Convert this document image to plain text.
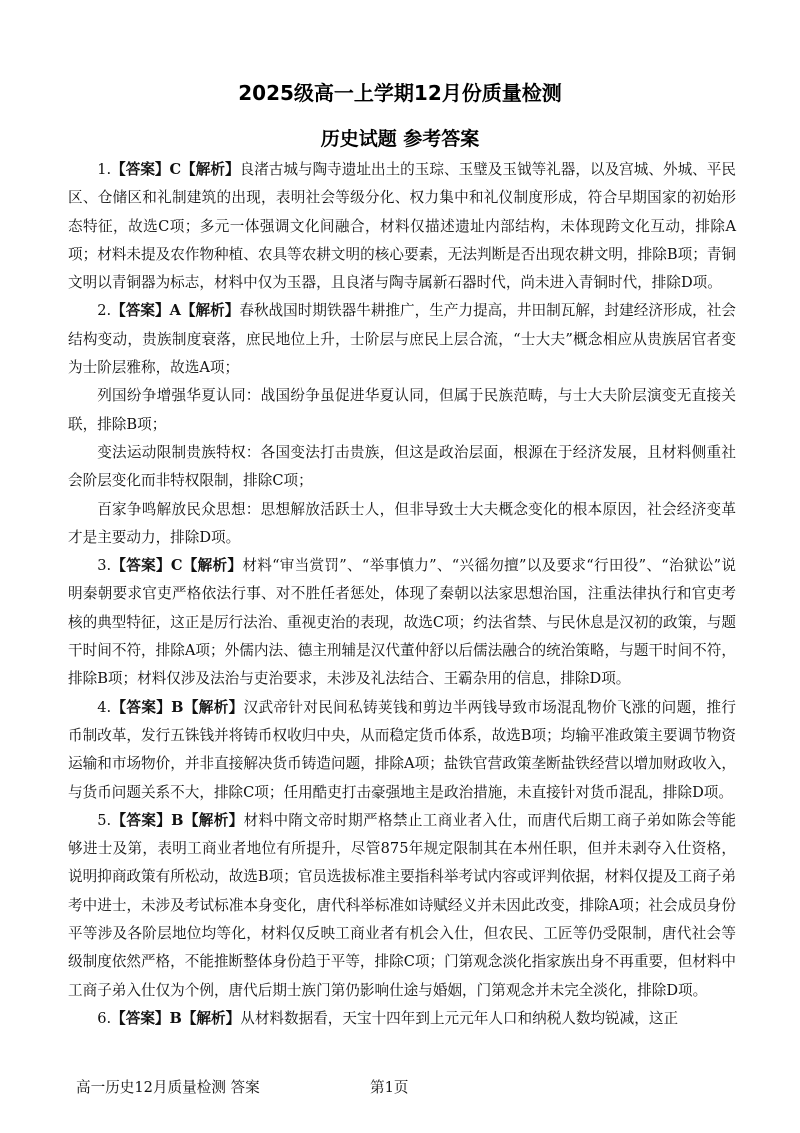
2025级高一上学期12月份质量检测
历史试题 参考答案

1.【答案】C【解析】良渚古城与陶寺遗址出土的玉琮、玉璧及玉钺等礼器，以及宫城、外城、平民区、仓储区和礼制建筑的出现，表明社会等级分化、权力集中和礼仪制度形成，符合早期国家的初始形态特征，故选C项；多元一体强调文化间融合，材料仅描述遗址内部结构，未体现跨文化互动，排除A项；材料未提及农作物种植、农具等农耕文明的核心要素，无法判断是否出现农耕文明，排除B项；青铜文明以青铜器为标志，材料中仅为玉器，且良渚与陶寺属新石器时代，尚未进入青铜时代，排除D项。

2.【答案】A【解析】春秋战国时期铁器牛耕推广，生产力提高，井田制瓦解，封建经济形成，社会结构变动，贵族制度衰落，庶民地位上升，士阶层与庶民上层合流，“士大夫”概念相应从贵族居官者变为士阶层雅称，故选A项；

列国纷争增强华夏认同：战国纷争虽促进华夏认同，但属于民族范畴，与士大夫阶层演变无直接关联，排除B项；

变法运动限制贵族特权：各国变法打击贵族，但这是政治层面，根源在于经济发展，且材料侧重社会阶层变化而非特权限制，排除C项；

百家争鸣解放民众思想：思想解放活跃士人，但非导致士大夫概念变化的根本原因，社会经济变革才是主要动力，排除D项。

3.【答案】C【解析】材料“审当赏罚”、“举事慎力”、“兴徭勿擅”以及要求“行田役”、“治狱讼”说明秦朝要求官吏严格依法行事、对不胜任者惩处，体现了秦朝以法家思想治国，注重法律执行和官吏考核的典型特征，这正是厉行法治、重视吏治的表现，故选C项；约法省禁、与民休息是汉初的政策，与题干时间不符，排除A项；外儒内法、德主刑辅是汉代董仲舒以后儒法融合的统治策略，与题干时间不符，排除B项；材料仅涉及法治与吏治要求，未涉及礼法结合、王霸杂用的信息，排除D项。

4.【答案】B【解析】汉武帝针对民间私铸荚钱和剪边半两钱导致市场混乱物价飞涨的问题，推行币制改革，发行五铢钱并将铸币权收归中央，从而稳定货币体系，故选B项；均输平准政策主要调节物资运输和市场物价，并非直接解决货币铸造问题，排除A项；盐铁官营政策垄断盐铁经营以增加财政收入，与货币问题关系不大，排除C项；任用酷吏打击豪强地主是政治措施，未直接针对货币混乱，排除D项。

5.【答案】B【解析】材料中隋文帝时期严格禁止工商业者入仕，而唐代后期工商子弟如陈会等能够进士及第，表明工商业者地位有所提升，尽管875年规定限制其在本州任职，但并未剥夺入仕资格，说明抑商政策有所松动，故选B项；官员选拔标准主要指科举考试内容或评判依据，材料仅提及工商子弟考中进士，未涉及考试标准本身变化，唐代科举标准如诗赋经义并未因此改变，排除A项；社会成员身份平等涉及各阶层地位均等化，材料仅反映工商业者有机会入仕，但农民、工匠等仍受限制，唐代社会等级制度依然严格，不能推断整体身份趋于平等，排除C项；门第观念淡化指家族出身不再重要，但材料中工商子弟入仕仅为个例，唐代后期士族门第仍影响仕途与婚姻，门第观念并未完全淡化，排除D项。

6.【答案】B【解析】从材料数据看，天宝十四年到上元元年人口和纳税人数均锐减，这正

高一历史12月质量检测 答案	第1页
